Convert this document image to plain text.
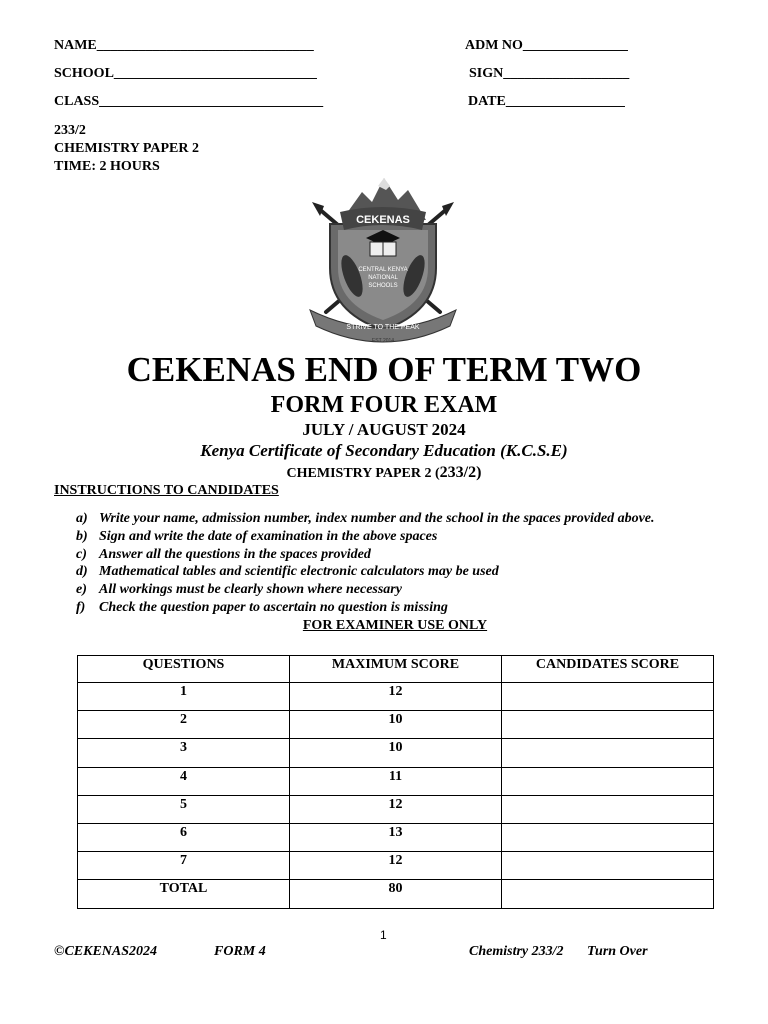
NAME_______________________________	ADM NO_______________
SCHOOL_____________________________	SIGN__________________
CLASS________________________________	DATE_________________
233/2
CHEMISTRY PAPER 2
TIME: 2 HOURS
CEKENAS
CENTRAL KENYA
NATIONAL
SCHOOLS
STRIVE TO THE PEAK
EST 2014
CEKENAS END OF TERM TWO
FORM FOUR EXAM
JULY / AUGUST 2024
Kenya Certificate of Secondary Education (K.C.S.E)
CHEMISTRY PAPER 2 (233/2)
INSTRUCTIONS TO CANDIDATES
a) Write your name, admission number, index number and the school in the spaces provided above.
b) Sign and write the date of examination in the above spaces
c) Answer all the questions in the spaces provided
d) Mathematical tables and scientific electronic calculators may be used
e) All workings must be clearly shown where necessary
f) Check the question paper to ascertain no question is missing
FOR EXAMINER USE ONLY
QUESTIONS	MAXIMUM SCORE	CANDIDATES SCORE
1	12	
2	10	
3	10	
4	11	
5	12	
6	13	
7	12	
TOTAL	80	
1
©CEKENAS2024	FORM 4	Chemistry 233/2 Turn Over
